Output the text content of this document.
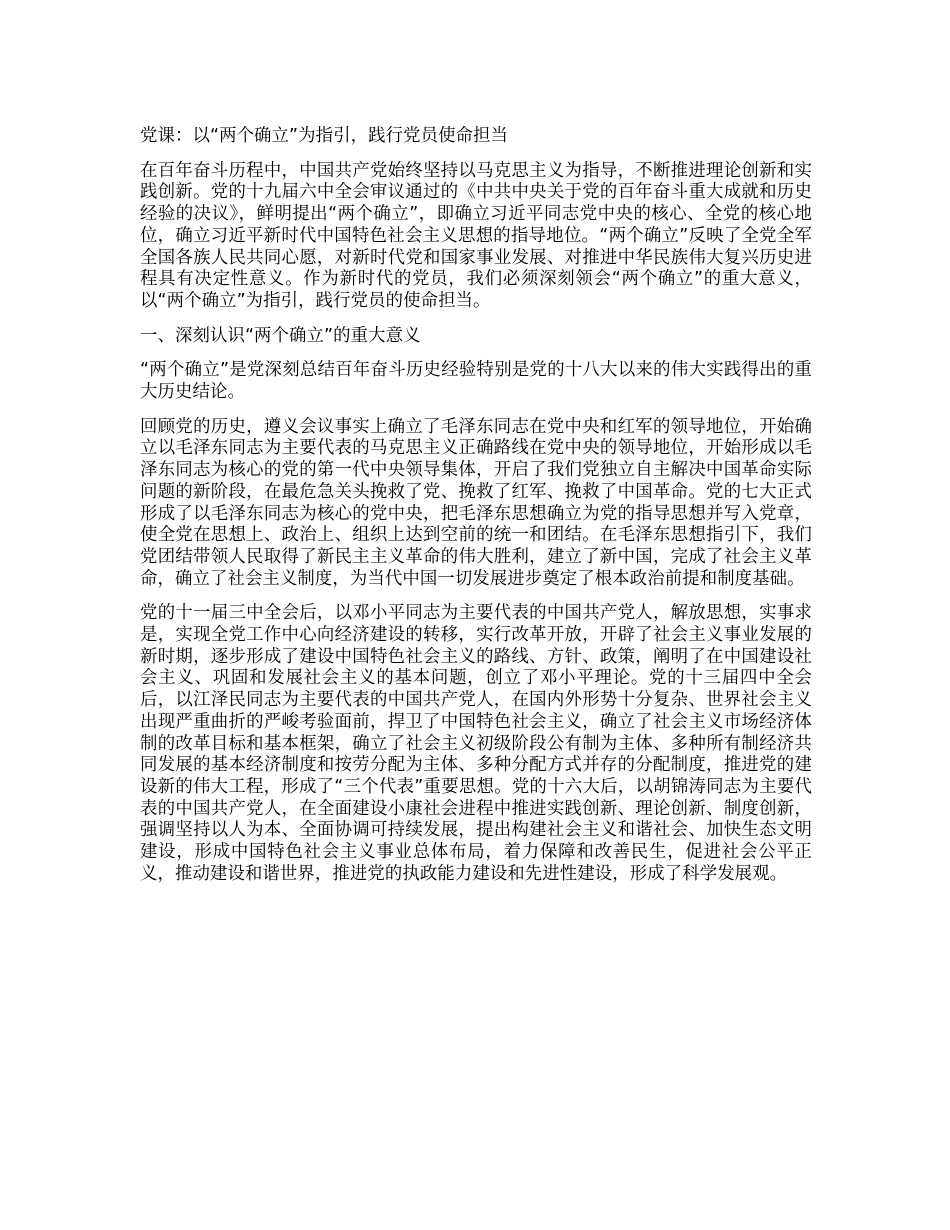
党课：以“两个确立”为指引，践行党员使命担当

在百年奋斗历程中，中国共产党始终坚持以马克思主义为指导，不断推进理论创新和实践创新。党的十九届六中全会审议通过的《中共中央关于党的百年奋斗重大成就和历史经验的决议》，鲜明提出“两个确立”，即确立习近平同志党中央的核心、全党的核心地位，确立习近平新时代中国特色社会主义思想的指导地位。“两个确立”反映了全党全军全国各族人民共同心愿，对新时代党和国家事业发展、对推进中华民族伟大复兴历史进程具有决定性意义。作为新时代的党员，我们必须深刻领会“两个确立”的重大意义，以“两个确立”为指引，践行党员的使命担当。

一、深刻认识“两个确立”的重大意义

“两个确立”是党深刻总结百年奋斗历史经验特别是党的十八大以来的伟大实践得出的重大历史结论。

回顾党的历史，遵义会议事实上确立了毛泽东同志在党中央和红军的领导地位，开始确立以毛泽东同志为主要代表的马克思主义正确路线在党中央的领导地位，开始形成以毛泽东同志为核心的党的第一代中央领导集体，开启了我们党独立自主解决中国革命实际问题的新阶段，在最危急关头挽救了党、挽救了红军、挽救了中国革命。党的七大正式形成了以毛泽东同志为核心的党中央，把毛泽东思想确立为党的指导思想并写入党章，使全党在思想上、政治上、组织上达到空前的统一和团结。在毛泽东思想指引下，我们党团结带领人民取得了新民主主义革命的伟大胜利，建立了新中国，完成了社会主义革命，确立了社会主义制度，为当代中国一切发展进步奠定了根本政治前提和制度基础。

党的十一届三中全会后，以邓小平同志为主要代表的中国共产党人，解放思想，实事求是，实现全党工作中心向经济建设的转移，实行改革开放，开辟了社会主义事业发展的新时期，逐步形成了建设中国特色社会主义的路线、方针、政策，阐明了在中国建设社会主义、巩固和发展社会主义的基本问题，创立了邓小平理论。党的十三届四中全会后，以江泽民同志为主要代表的中国共产党人，在国内外形势十分复杂、世界社会主义出现严重曲折的严峻考验面前，捍卫了中国特色社会主义，确立了社会主义市场经济体制的改革目标和基本框架，确立了社会主义初级阶段公有制为主体、多种所有制经济共同发展的基本经济制度和按劳分配为主体、多种分配方式并存的分配制度，推进党的建设新的伟大工程，形成了“三个代表”重要思想。党的十六大后，以胡锦涛同志为主要代表的中国共产党人，在全面建设小康社会进程中推进实践创新、理论创新、制度创新，强调坚持以人为本、全面协调可持续发展，提出构建社会主义和谐社会、加快生态文明建设，形成中国特色社会主义事业总体布局，着力保障和改善民生，促进社会公平正义，推动建设和谐世界，推进党的执政能力建设和先进性建设，形成了科学发展观。
